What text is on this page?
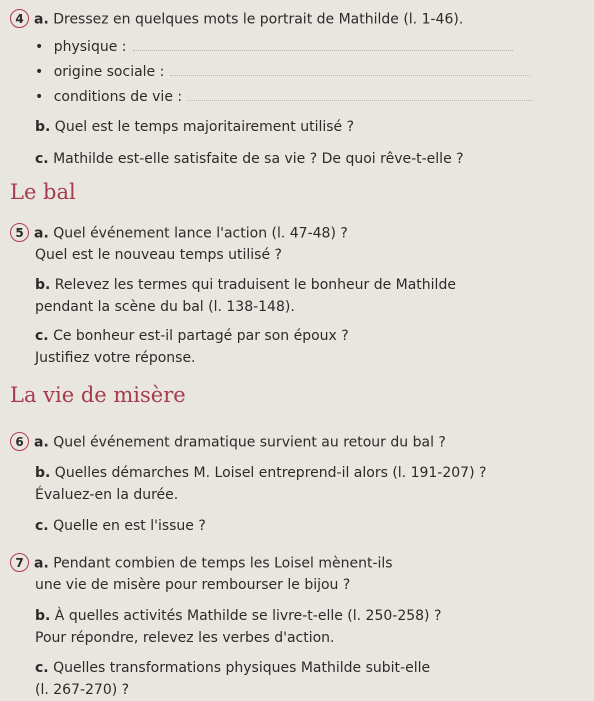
4 a. Dressez en quelques mots le portrait de Mathilde (l. 1-46).
• physique :
• origine sociale :
• conditions de vie :
b. Quel est le temps majoritairement utilisé ?
c. Mathilde est-elle satisfaite de sa vie ? De quoi rêve-t-elle ?
Le bal
5 a. Quel événement lance l'action (l. 47-48) ?
Quel est le nouveau temps utilisé ?
b. Relevez les termes qui traduisent le bonheur de Mathilde
pendant la scène du bal (l. 138-148).
c. Ce bonheur est-il partagé par son époux ?
Justifiez votre réponse.
La vie de misère
6 a. Quel événement dramatique survient au retour du bal ?
b. Quelles démarches M. Loisel entreprend-il alors (l. 191-207) ?
Évaluez-en la durée.
c. Quelle en est l'issue ?
7 a. Pendant combien de temps les Loisel mènent-ils
une vie de misère pour rembourser le bijou ?
b. À quelles activités Mathilde se livre-t-elle (l. 250-258) ?
Pour répondre, relevez les verbes d'action.
c. Quelles transformations physiques Mathilde subit-elle
(l. 267-270) ?
